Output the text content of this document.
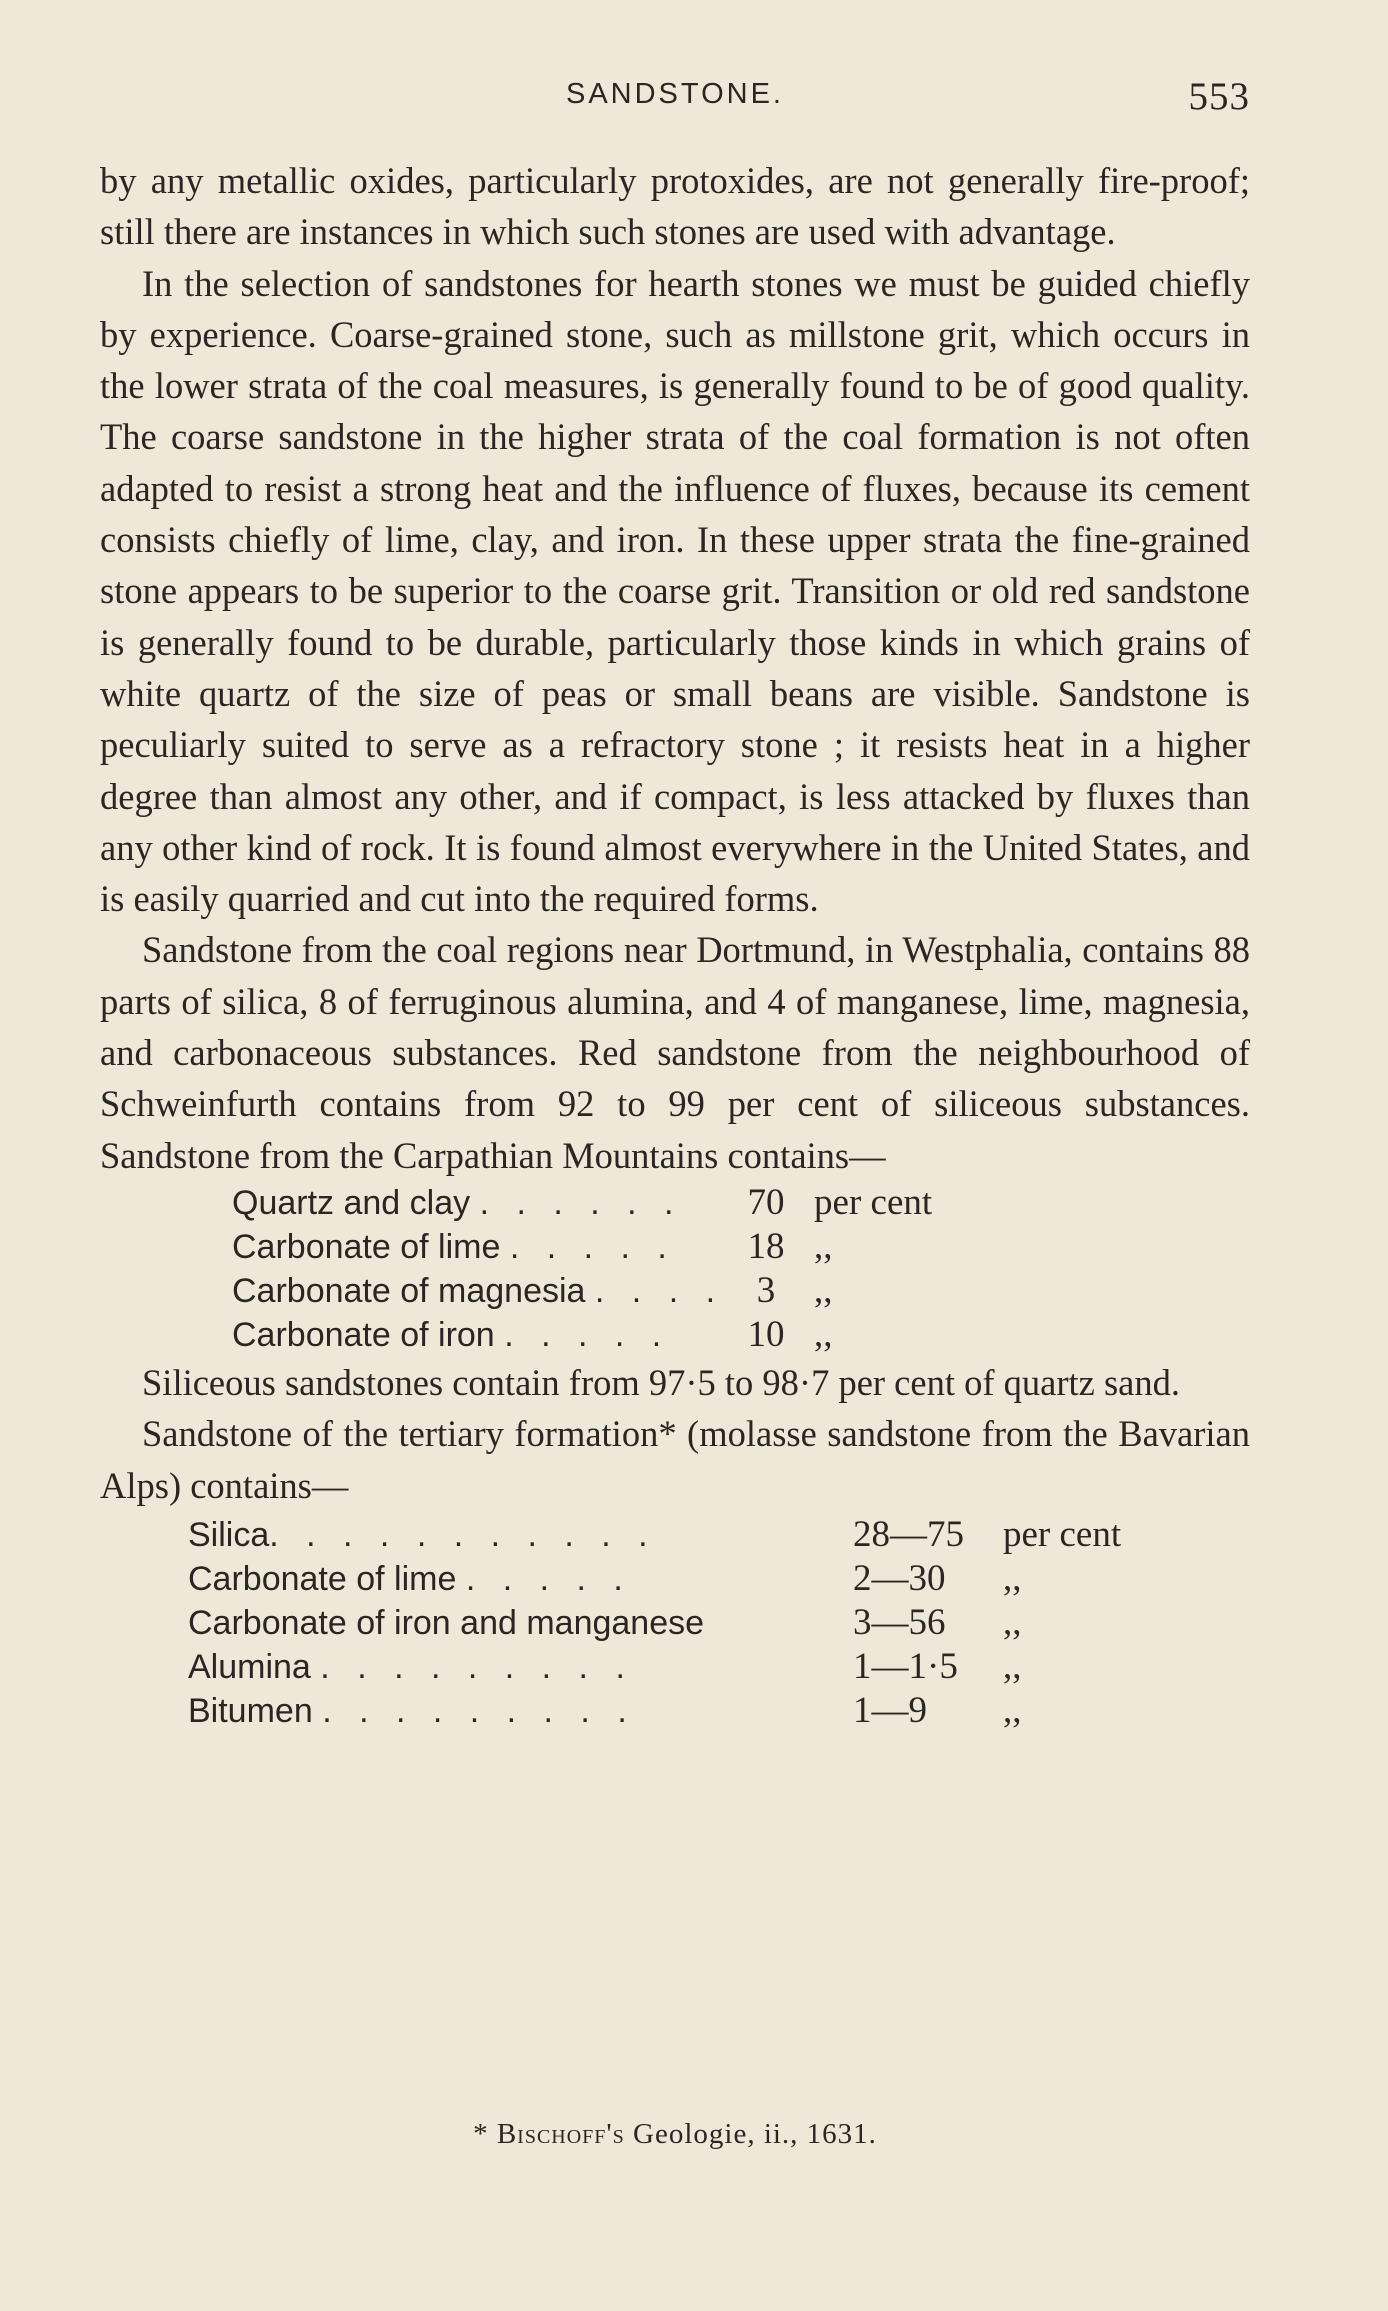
SANDSTONE.	553

by any metallic oxides, particularly protoxides, are not generally fire-proof; still there are instances in which such stones are used with advantage.

In the selection of sandstones for hearth stones we must be guided chiefly by experience. Coarse-grained stone, such as millstone grit, which occurs in the lower strata of the coal measures, is generally found to be of good quality. The coarse sandstone in the higher strata of the coal formation is not often adapted to resist a strong heat and the influence of fluxes, because its cement consists chiefly of lime, clay, and iron. In these upper strata the fine-grained stone appears to be superior to the coarse grit. Transition or old red sandstone is generally found to be durable, particularly those kinds in which grains of white quartz of the size of peas or small beans are visible. Sandstone is peculiarly suited to serve as a refractory stone ; it resists heat in a higher degree than almost any other, and if compact, is less attacked by fluxes than any other kind of rock. It is found almost everywhere in the United States, and is easily quarried and cut into the required forms.

Sandstone from the coal regions near Dortmund, in Westphalia, contains 88 parts of silica, 8 of ferruginous alumina, and 4 of manganese, lime, magnesia, and carbonaceous substances. Red sandstone from the neighbourhood of Schweinfurth contains from 92 to 99 per cent of siliceous substances. Sandstone from the Carpathian Mountains contains—

Quartz and clay . . . . . .	70	per cent
Carbonate of lime . . . . .	18	,,
Carbonate of magnesia . . . .	3	,,
Carbonate of iron . . . . .	10	,,

Siliceous sandstones contain from 97·5 to 98·7 per cent of quartz sand.

Sandstone of the tertiary formation* (molasse sandstone from the Bavarian Alps) contains—

Silica. . . . . . . . . . .	28—75	per cent
Carbonate of lime . . . . .	2—30	,,
Carbonate of iron and manganese	3—56	,,
Alumina . . . . . . . . .	1—1·5	,,
Bitumen . . . . . . . . .	1—9	,,
* Bischoff's Geologie, ii., 1631.
